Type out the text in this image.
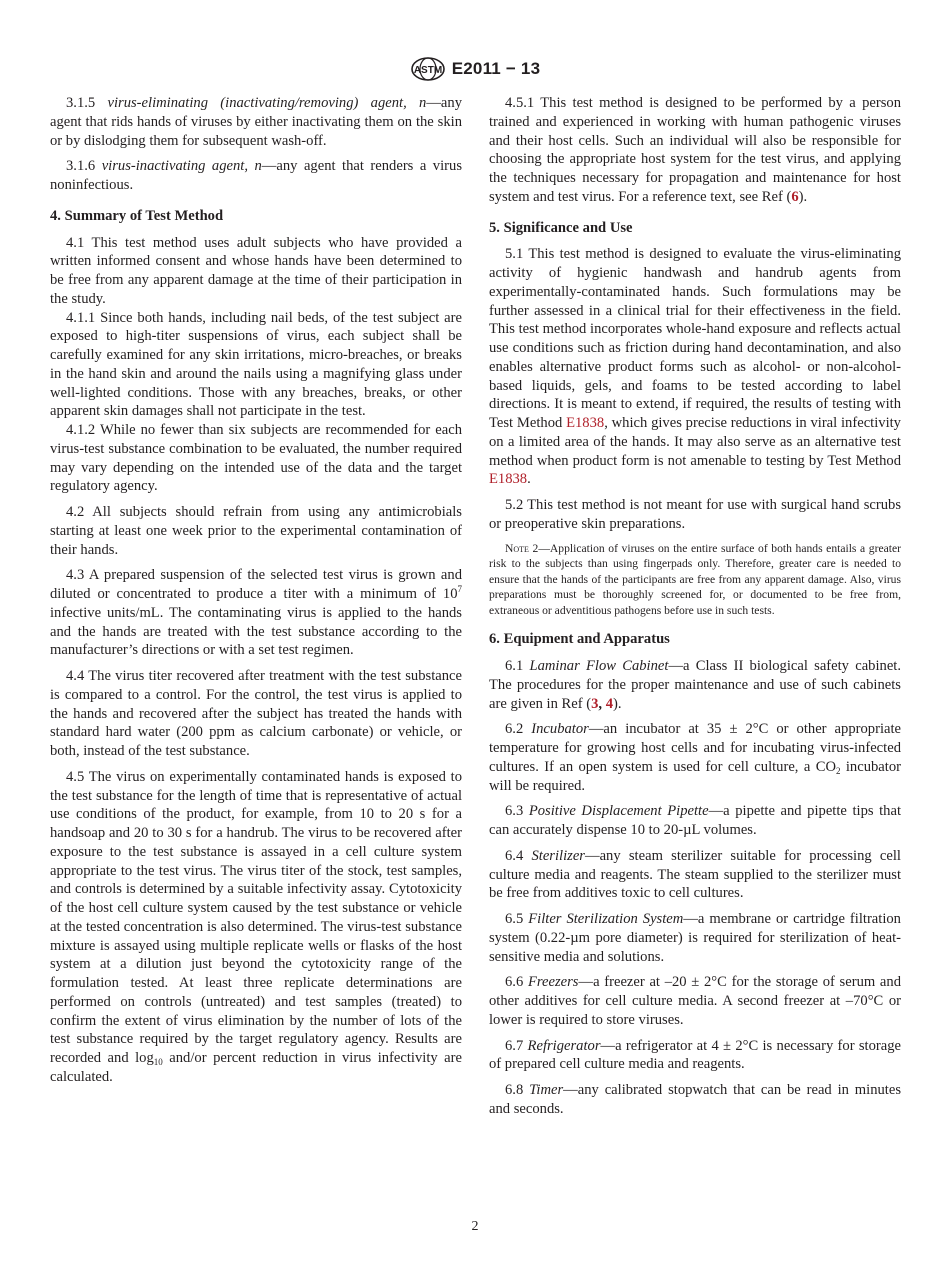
ASTM E2011 − 13

3.1.5 virus-eliminating (inactivating/removing) agent, n—any agent that rids hands of viruses by either inactivating them on the skin or by dislodging them for subsequent wash-off.

3.1.6 virus-inactivating agent, n—any agent that renders a virus noninfectious.

4. Summary of Test Method

4.1 This test method uses adult subjects who have provided a written informed consent and whose hands have been determined to be free from any apparent damage at the time of their participation in the study.

4.1.1 Since both hands, including nail beds, of the test subject are exposed to high-titer suspensions of virus, each subject shall be carefully examined for any skin irritations, micro-breaches, or breaks in the hand skin and around the nails using a magnifying glass under well-lighted conditions. Those with any breaches, breaks, or other apparent skin damages shall not participate in the test.

4.1.2 While no fewer than six subjects are recommended for each virus-test substance combination to be evaluated, the number required may vary depending on the intended use of the data and the target regulatory agency.

4.2 All subjects should refrain from using any antimicrobials starting at least one week prior to the experimental contamination of their hands.

4.3 A prepared suspension of the selected test virus is grown and diluted or concentrated to produce a titer with a minimum of $10^7$ infective units/mL. The contaminating virus is applied to the hands and the hands are treated with the test substance according to the manufacturer’s directions or with a set test regimen.

4.4 The virus titer recovered after treatment with the test substance is compared to a control. For the control, the test virus is applied to the hands and recovered after the subject has treated the hands with standard hard water (200 ppm as calcium carbonate) or vehicle, or both, instead of the test substance.

4.5 The virus on experimentally contaminated hands is exposed to the test substance for the length of time that is representative of actual use conditions of the product, for example, from 10 to 20 s for a handsoap and 20 to 30 s for a handrub. The virus to be recovered after exposure to the test substance is assayed in a cell culture system appropriate to the test virus. The virus titer of the stock, test samples, and controls is determined by a suitable infectivity assay. Cytotoxicity of the host cell culture system caused by the test substance or vehicle at the tested concentration is also determined. The virus-test substance mixture is assayed using multiple replicate wells or flasks of the host system at a dilution just beyond the cytotoxicity range of the formulation tested. At least three replicate determinations are performed on controls (untreated) and test samples (treated) to confirm the extent of virus elimination by the number of lots of the test substance required by the target regulatory agency. Results are recorded and $\log_{10} and/or$ percent reduction in virus infectivity are calculated.

4.5.1 This test method is designed to be performed by a person trained and experienced in working with human pathogenic viruses and their host cells. Such an individual will also be responsible for choosing the appropriate host system for the test virus, and applying the techniques necessary for propagation and maintenance for host system and test virus. For a reference text, see Ref (6).

5. Significance and Use

5.1 This test method is designed to evaluate the virus-eliminating activity of hygienic handwash and handrub agents from experimentally-contaminated hands. Such formulations may be further assessed in a clinical trial for their effectiveness in the field. This test method incorporates whole-hand exposure and reflects actual use conditions such as friction during hand decontamination, and also enables alternative product forms such as alcohol- or non-alcohol-based liquids, gels, and foams to be tested according to label directions. It is meant to extend, if required, the results of testing with Test Method E1838, which gives precise reductions in viral infectivity on a limited area of the hands. It may also serve as an alternative test method when product form is not amenable to testing by Test Method E1838.

5.2 This test method is not meant for use with surgical hand scrubs or preoperative skin preparations.

Note 2—Application of viruses on the entire surface of both hands entails a greater risk to the subjects than using fingerpads only. Therefore, greater care is needed to ensure that the hands of the participants are free from any apparent damage. Also, virus preparations must be thoroughly screened for, or documented to be free from, extraneous or adventitious pathogens before use in such tests.

6. Equipment and Apparatus

6.1 Laminar Flow Cabinet—a Class II biological safety cabinet. The procedures for the proper maintenance and use of such cabinets are given in Ref (3, 4).

6.2 Incubator—an incubator at 35 ± 2°C or other appropriate temperature for growing host cells and for incubating virus-infected cultures. If an open system is used for cell culture, a $CO_2$ incubator will be required.

6.3 Positive Displacement Pipette—a pipette and pipette tips that can accurately dispense 10 to 20-µL volumes.

6.4 Sterilizer—any steam sterilizer suitable for processing cell culture media and reagents. The steam supplied to the sterilizer must be free from additives toxic to cell cultures.

6.5 Filter Sterilization System—a membrane or cartridge filtration system (0.22-µm pore diameter) is required for sterilization of heat-sensitive media and solutions.

6.6 Freezers—a freezer at –20 ± 2°C for the storage of serum and other additives for cell culture media. A second freezer at –70°C or lower is required to store viruses.

6.7 Refrigerator—a refrigerator at 4 ± 2°C is necessary for storage of prepared cell culture media and reagents.

6.8 Timer—any calibrated stopwatch that can be read in minutes and seconds.

2
